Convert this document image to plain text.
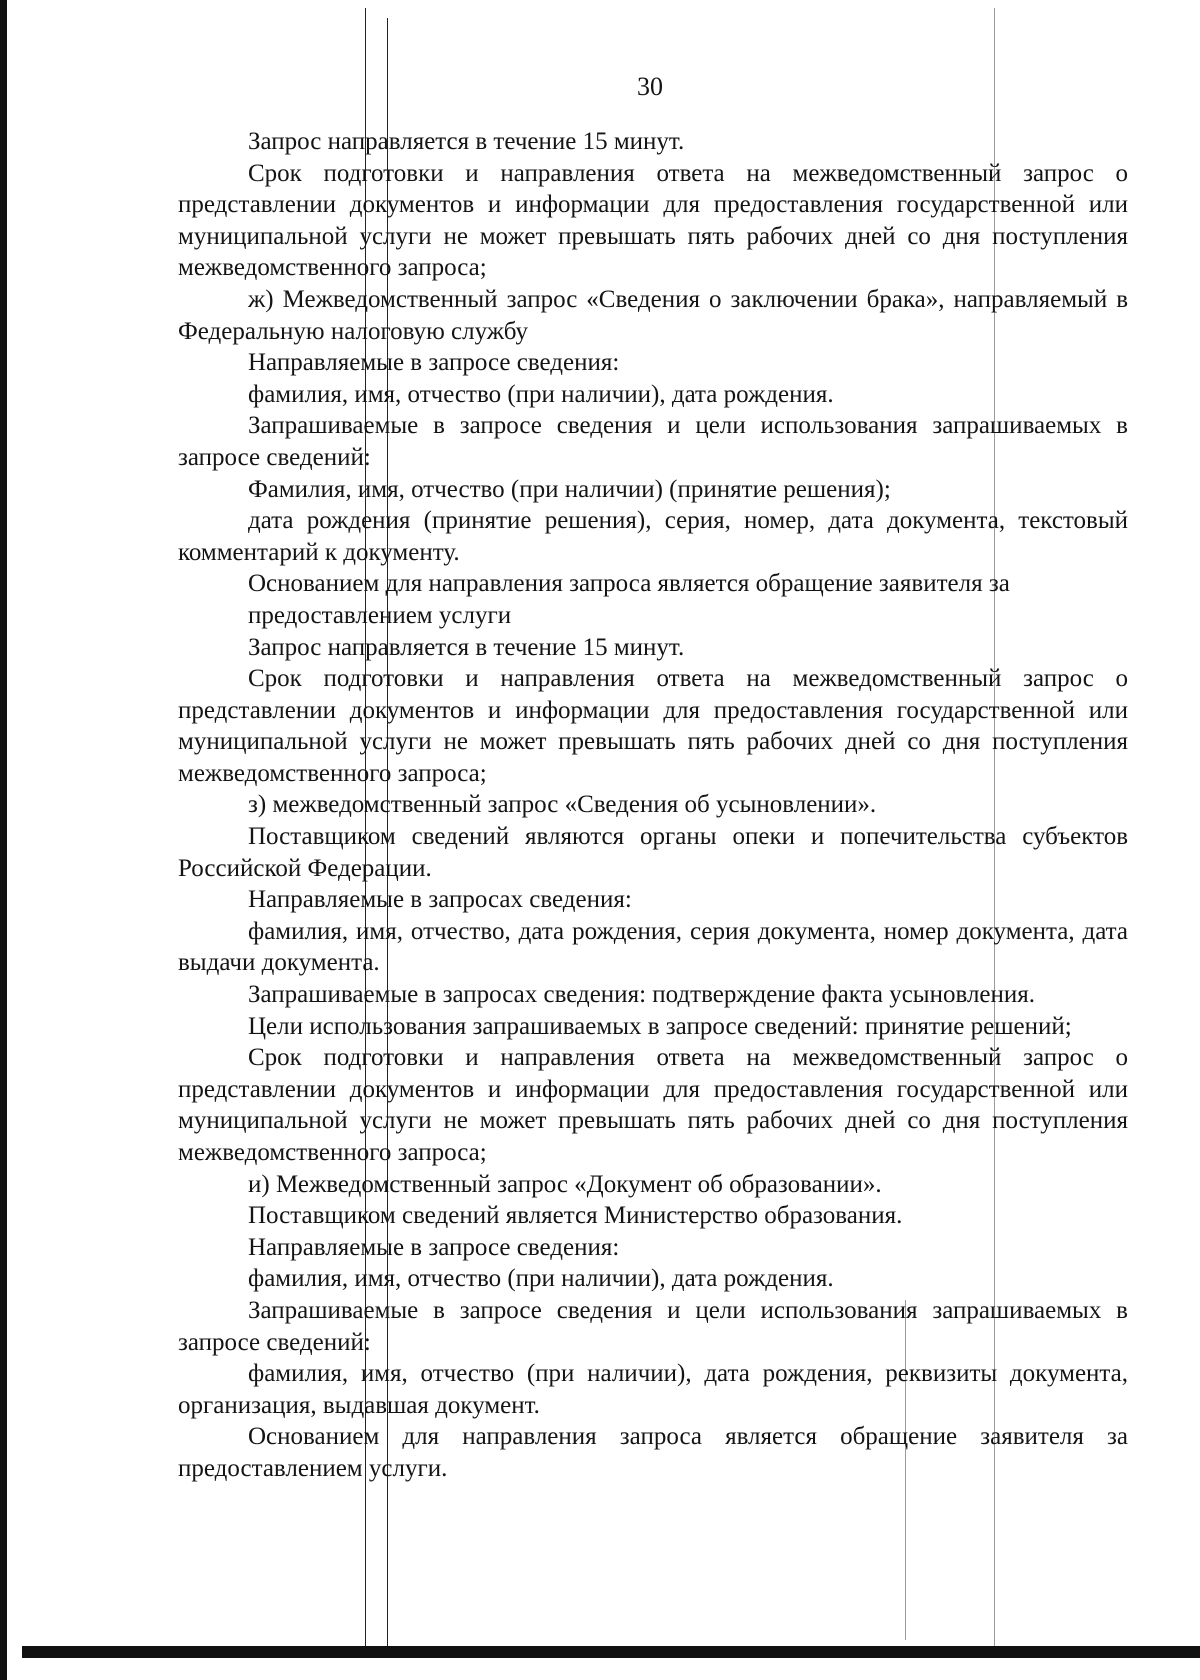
30

Запрос направляется в течение 15 минут.

Срок подготовки и направления ответа на межведомственный запрос о представлении документов и информации для предоставления государственной или муниципальной услуги не может превышать пять рабочих дней со дня поступления межведомственного запроса;

ж) Межведомственный запрос «Сведения о заключении брака», направляемый в Федеральную налоговую службу

Направляемые в запросе сведения:

фамилия, имя, отчество (при наличии), дата рождения.

Запрашиваемые в запросе сведения и цели использования запрашиваемых в запросе сведений:

Фамилия, имя, отчество (при наличии) (принятие решения);

дата рождения (принятие решения), серия, номер, дата документа, текстовый комментарий к документу.

Основанием для направления запроса является обращение заявителя за

предоставлением услуги

Запрос направляется в течение 15 минут.

Срок подготовки и направления ответа на межведомственный запрос о представлении документов и информации для предоставления государственной или муниципальной услуги не может превышать пять рабочих дней со дня поступления межведомственного запроса;

з) межведомственный запрос «Сведения об усыновлении».

Поставщиком сведений являются органы опеки и попечительства субъектов Российской Федерации.

Направляемые в запросах сведения:

фамилия, имя, отчество, дата рождения, серия документа, номер документа, дата выдачи документа.

Запрашиваемые в запросах сведения: подтверждение факта усыновления.

Цели использования запрашиваемых в запросе сведений: принятие решений;

Срок подготовки и направления ответа на межведомственный запрос о представлении документов и информации для предоставления государственной или муниципальной услуги не может превышать пять рабочих дней со дня поступления межведомственного запроса;

и) Межведомственный запрос «Документ об образовании».

Поставщиком сведений является Министерство образования.

Направляемые в запросе сведения:

фамилия, имя, отчество (при наличии), дата рождения.

Запрашиваемые в запросе сведения и цели использования запрашиваемых в запросе сведений:

фамилия, имя, отчество (при наличии), дата рождения, реквизиты документа, организация, выдавшая документ.

Основанием для направления запроса является обращение заявителя за предоставлением услуги.
